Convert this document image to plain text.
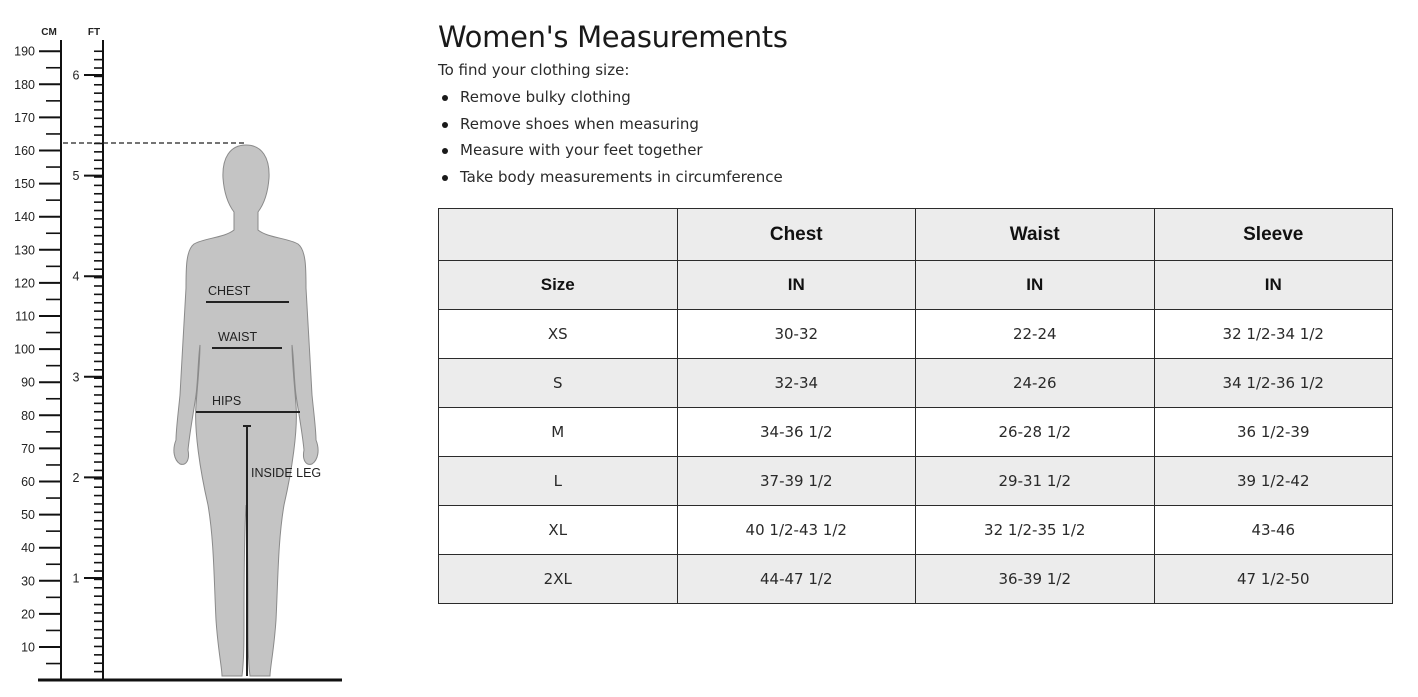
CM	FT
190
180
170
160
150
140
130
120
110
100
90
80
70
60
50
40
30
20
10
6
5
4
3
2
1
CHEST
WAIST
HIPS
INSIDE LEG
Women's Measurements

To find your clothing size:

Remove bulky clothing
Remove shoes when measuring
Measure with your feet together
Take body measurements in circumference
	Chest	Waist	Sleeve
Size	IN	IN	IN
XS	30-32	22-24	32 1/2-34 1/2
S	32-34	24-26	34 1/2-36 1/2
M	34-36 1/2	26-28 1/2	36 1/2-39
L	37-39 1/2	29-31 1/2	39 1/2-42
XL	40 1/2-43 1/2	32 1/2-35 1/2	43-46
2XL	44-47 1/2	36-39 1/2	47 1/2-50
